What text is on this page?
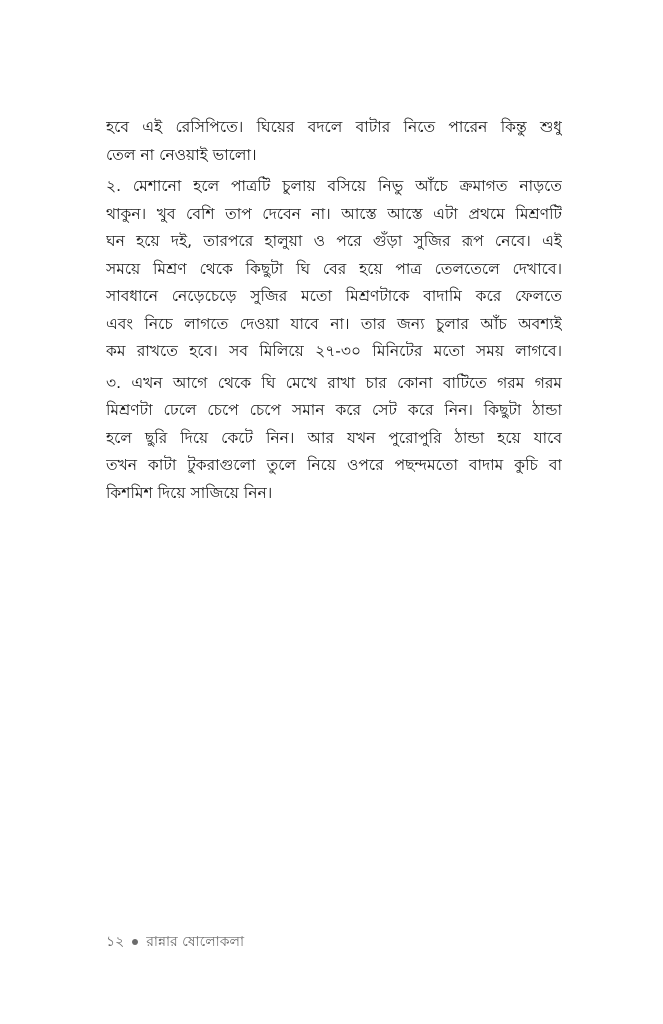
হবে এই রেসিপিতে। ঘিয়ের বদলে বাটার নিতে পারেন কিন্তু শুধু
তেল না নেওয়াই ভালো।

২. মেশানো হলে পাত্রটি চুলায় বসিয়ে নিভু আঁচে ক্রমাগত নাড়তে
থাকুন। খুব বেশি তাপ দেবেন না। আস্তে আস্তে এটা প্রথমে মিশ্রণটি
ঘন হয়ে দই, তারপরে হালুয়া ও পরে গুঁড়া সুজির রূপ নেবে। এই
সময়ে মিশ্রণ থেকে কিছুটা ঘি বের হয়ে পাত্র তেলতেলে দেখাবে।
সাবধানে নেড়েচেড়ে সুজির মতো মিশ্রণটাকে বাদামি করে ফেলতে
এবং নিচে লাগতে দেওয়া যাবে না। তার জন্য চুলার আঁচ অবশ্যই
কম রাখতে হবে। সব মিলিয়ে ২৭-৩০ মিনিটের মতো সময় লাগবে।

৩. এখন আগে থেকে ঘি মেখে রাখা চার কোনা বাটিতে গরম গরম
মিশ্রণটা ঢেলে চেপে চেপে সমান করে সেট করে নিন। কিছুটা ঠান্ডা
হলে ছুরি দিয়ে কেটে নিন। আর যখন পুরোপুরি ঠান্ডা হয়ে যাবে
তখন কাটা টুকরাগুলো তুলে নিয়ে ওপরে পছন্দমতো বাদাম কুচি বা
কিশমিশ দিয়ে সাজিয়ে নিন।

১২ রান্নার ষোলোকলা
